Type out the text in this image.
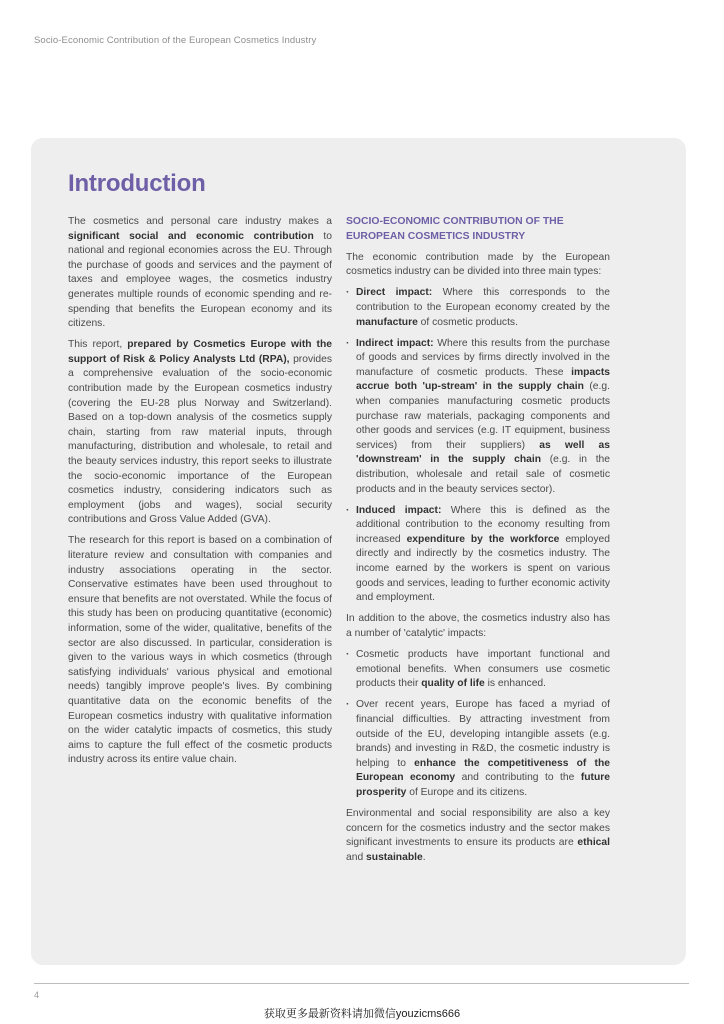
Socio-Economic Contribution of the European Cosmetics Industry
Introduction

The cosmetics and personal care industry makes a significant social and economic contribution to national and regional economies across the EU. Through the purchase of goods and services and the payment of taxes and employee wages, the cosmetics industry generates multiple rounds of economic spending and re-spending that benefits the European economy and its citizens.

This report, prepared by Cosmetics Europe with the support of Risk & Policy Analysts Ltd (RPA), provides a comprehensive evaluation of the socio-economic contribution made by the European cosmetics industry (covering the EU-28 plus Norway and Switzerland). Based on a top-down analysis of the cosmetics supply chain, starting from raw material inputs, through manufacturing, distribution and wholesale, to retail and the beauty services industry, this report seeks to illustrate the socio-economic importance of the European cosmetics industry, considering indicators such as employment (jobs and wages), social security contributions and Gross Value Added (GVA).

The research for this report is based on a combination of literature review and consultation with companies and industry associations operating in the sector. Conservative estimates have been used throughout to ensure that benefits are not overstated. While the focus of this study has been on producing quantitative (economic) information, some of the wider, qualitative, benefits of the sector are also discussed. In particular, consideration is given to the various ways in which cosmetics (through satisfying individuals' various physical and emotional needs) tangibly improve people's lives. By combining quantitative data on the economic benefits of the European cosmetics industry with qualitative information on the wider catalytic impacts of cosmetics, this study aims to capture the full effect of the cosmetic products industry across its entire value chain.

SOCIO-ECONOMIC CONTRIBUTION OF THE EUROPEAN COSMETICS INDUSTRY

The economic contribution made by the European cosmetics industry can be divided into three main types:

· Direct impact: Where this corresponds to the contribution to the European economy created by the manufacture of cosmetic products.
· Indirect impact: Where this results from the purchase of goods and services by firms directly involved in the manufacture of cosmetic products. These impacts accrue both 'up-stream' in the supply chain (e.g. when companies manufacturing cosmetic products purchase raw materials, packaging components and other goods and services (e.g. IT equipment, business services) from their suppliers) as well as 'downstream' in the supply chain (e.g. in the distribution, wholesale and retail sale of cosmetic products and in the beauty services sector).
· Induced impact: Where this is defined as the additional contribution to the economy resulting from increased expenditure by the workforce employed directly and indirectly by the cosmetics industry. The income earned by the workers is spent on various goods and services, leading to further economic activity and employment.

In addition to the above, the cosmetics industry also has a number of 'catalytic' impacts:

· Cosmetic products have important functional and emotional benefits. When consumers use cosmetic products their quality of life is enhanced.
· Over recent years, Europe has faced a myriad of financial difficulties. By attracting investment from outside of the EU, developing intangible assets (e.g. brands) and investing in R&D, the cosmetic industry is helping to enhance the competitiveness of the European economy and contributing to the future prosperity of Europe and its citizens.

Environmental and social responsibility are also a key concern for the cosmetics industry and the sector makes significant investments to ensure its products are ethical and sustainable.

4
获取更多最新资料请加微信youzicms666
